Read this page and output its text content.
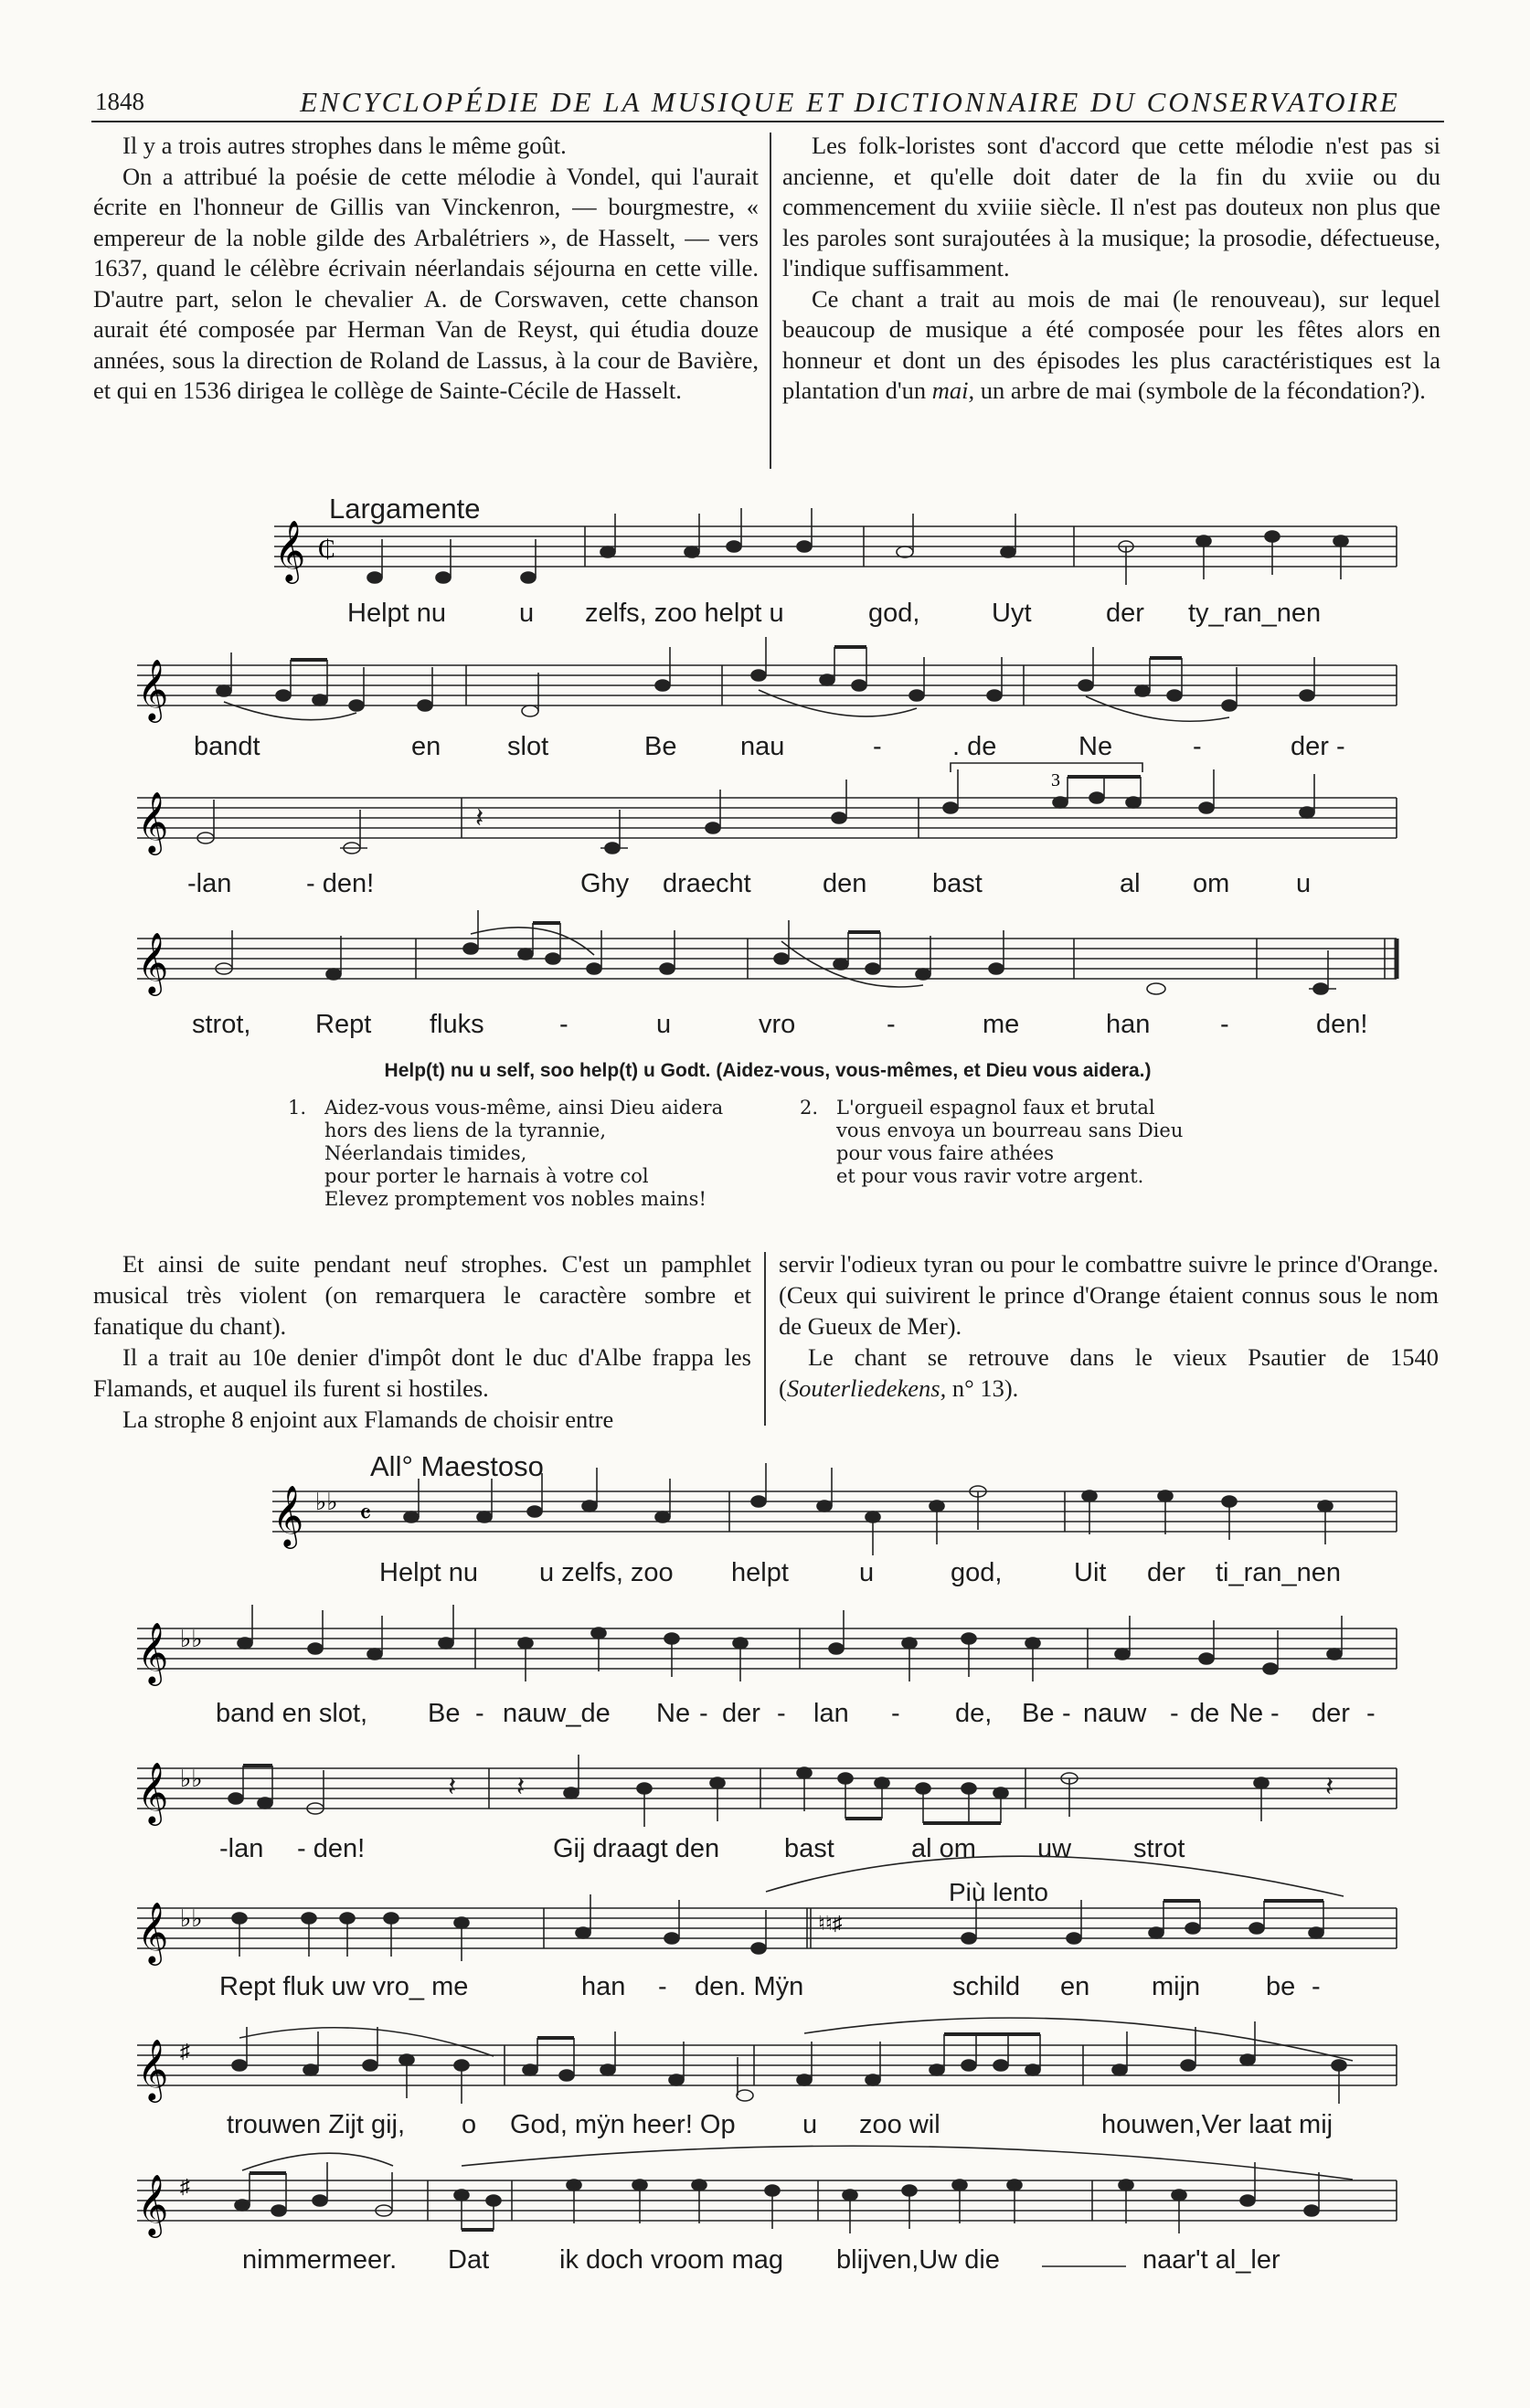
1848	ENCYCLOPÉDIE DE LA MUSIQUE ET DICTIONNAIRE DU CONSERVATOIRE

Il y a trois autres strophes dans le même goût.

On a attribué la poésie de cette mélodie à Vondel, qui l'aurait écrite en l'honneur de Gillis van Vinckenron, — bourgmestre, « empereur de la noble gilde des Arbalétriers », de Hasselt, — vers 1637, quand le célèbre écrivain néerlandais séjourna en cette ville. D'autre part, selon le chevalier A. de Corswaven, cette chanson aurait été composée par Herman Van de Reyst, qui étudia douze années, sous la direction de Roland de Lassus, à la cour de Bavière, et qui en 1536 dirigea le collège de Sainte-Cécile de Hasselt.

Les folk-loristes sont d'accord que cette mélodie n'est pas si ancienne, et qu'elle doit dater de la fin du xviie ou du commencement du xviiie siècle. Il n'est pas douteux non plus que les paroles sont surajoutées à la musique; la prosodie, défectueuse, l'indique suffisamment.

Ce chant a trait au mois de mai (le renouveau), sur lequel beaucoup de musique a été composée pour les fêtes alors en honneur et dont un des épisodes les plus caractéristiques est la plantation d'un mai, un arbre de mai (symbole de la fécondation?).

Largamente
𝄞 ₵
Helpt nu	u zelfs, zoo helpt u	god,	Uyt	der ty_ran_nen
𝄞
bandt	en	slot	Be nau	-	. de	Ne	-	der -
𝄞	𝄽
3
-lan	- den!	Ghy draecht	den bast	al om	u
𝄞
strot, Rept fluks	-	u	vro	-	me	han	-	den!
Help(t) nu u self, soo help(t) u Godt. (Aidez-vous, vous-mêmes, et Dieu vous aidera.)
1. Aidez-vous vous-même, ainsi Dieu aidera
hors des liens de la tyrannie,
Néerlandais timides,
pour porter le harnais à votre col
Elevez promptement vos nobles mains!
2. L'orgueil espagnol faux et brutal
vous envoya un bourreau sans Dieu
pour vous faire athées
et pour vous ravir votre argent.

Et ainsi de suite pendant neuf strophes. C'est un pamphlet musical très violent (on remarquera le caractère sombre et fanatique du chant).

Il a trait au 10e denier d'impôt dont le duc d'Albe frappa les Flamands, et auquel ils furent si hostiles.

La strophe 8 enjoint aux Flamands de choisir entre

servir l'odieux tyran ou pour le combattre suivre le prince d'Orange. (Ceux qui suivirent le prince d'Orange étaient connus sous le nom de Gueux de Mer).

Le chant se retrouve dans le vieux Psautier de 1540 (Souterliedekens, n° 13).

All° Maestoso
𝄞 ♭♭ 𝄴
Helpt nu u zelfs, zoo helpt	u	god,	Uit der ti_ran_nen
𝄞 ♭♭
band en slot, Be - nauw_de Ne - der - lan - de, Be - nauw - de Ne - der -
𝄞 ♭♭	𝄽 𝄽	𝄽
-lan - den!	Gij draagt den bast	al om uw strot
Più lento
𝄞 ♭♭	♮♮♯
Rept fluk uw vro_ me	han - den. Mÿn	schild en mijn be -
𝄞 ♯
trouwen Zijt gij, o God, mÿn heer! Op	u zoo wil	houwen,Ver laat mij
𝄞 ♯
nimmermeer. Dat	ik doch vroom mag blijven,Uw die	naar't al_ler
